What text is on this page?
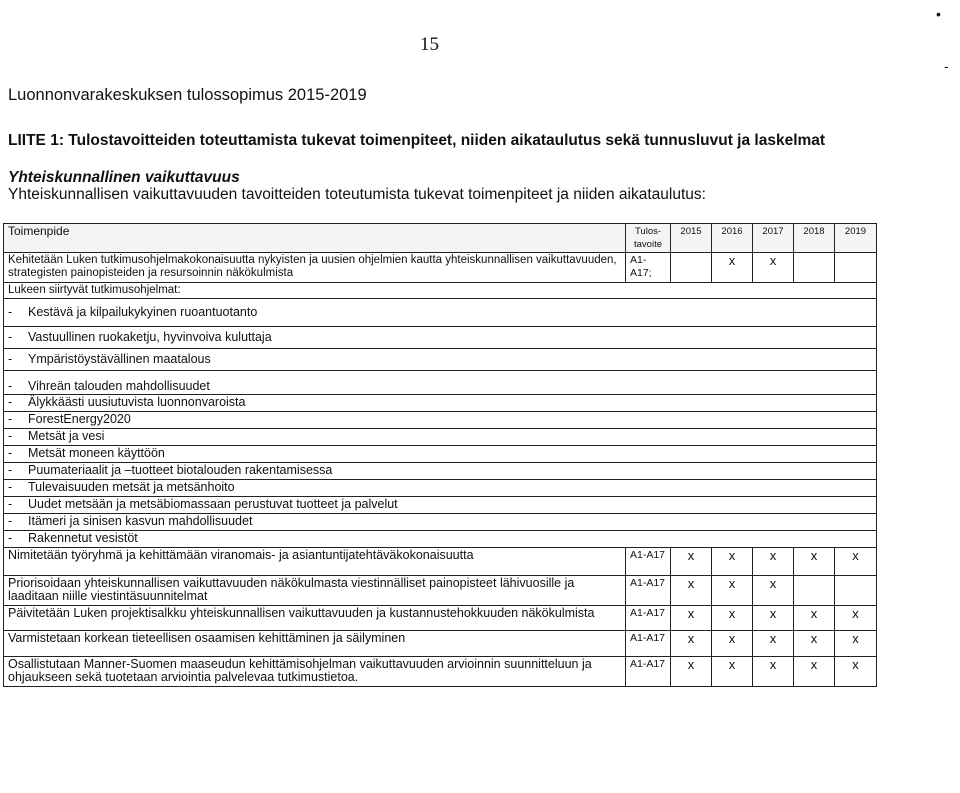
15
•
-
Luonnonvarakeskuksen tulossopimus 2015-2019
LIITE 1: Tulostavoitteiden toteuttamista tukevat toimenpiteet, niiden aikataulutus sekä tunnusluvut ja laskelmat
Yhteiskunnallinen vaikuttavuus
Yhteiskunnallisen vaikuttavuuden tavoitteiden toteutumista tukevat toimenpiteet ja niiden aikataulutus:
Toimenpide	Tulos-tavoite	2015	2016	2017	2018	2019
Kehitetään Luken tutkimusohjelmakokonaisuutta nykyisten ja uusien ohjelmien kautta yhteiskunnallisen vaikuttavuuden, strategisten painopisteiden ja resursoinnin näkökulmista	A1-A17;		x	x		
Lukeen siirtyvät tutkimusohjelmat:						
- Kestävä ja kilpailukykyinen ruoantuotanto						
- Vastuullinen ruokaketju, hyvinvoiva kuluttaja						
- Ympäristöystävällinen maatalous						
- Vihreän talouden mahdollisuudet						
- Älykkäästi uusiutuvista luonnonvaroista						
- ForestEnergy2020						
- Metsät ja vesi						
- Metsät moneen käyttöön						
- Puumateriaalit ja –tuotteet biotalouden rakentamisessa						
- Tulevaisuuden metsät ja metsänhoito						
- Uudet metsään ja metsäbiomassaan perustuvat tuotteet ja palvelut						
- Itämeri ja sinisen kasvun mahdollisuudet						
- Rakennetut vesistöt						
Nimitetään työryhmä ja kehittämään viranomais- ja asiantuntijatehtäväkokonaisuutta	A1-A17	x	x	x	x	x
Priorisoidaan yhteiskunnallisen vaikuttavuuden näkökulmasta viestinnälliset painopisteet lähivuosille ja laaditaan niille viestintäsuunnitelmat	A1-A17	x	x	x		
Päivitetään Luken projektisalkku yhteiskunnallisen vaikuttavuuden ja kustannustehokkuuden näkökulmista	A1-A17	x	x	x	x	x
Varmistetaan korkean tieteellisen osaamisen kehittäminen ja säilyminen	A1-A17	x	x	x	x	x
Osallistutaan Manner-Suomen maaseudun kehittämisohjelman vaikuttavuuden arvioinnin suunnitteluun ja ohjaukseen sekä tuotetaan arviointia palvelevaa tutkimustietoa.	A1-A17	x	x	x	x	x
